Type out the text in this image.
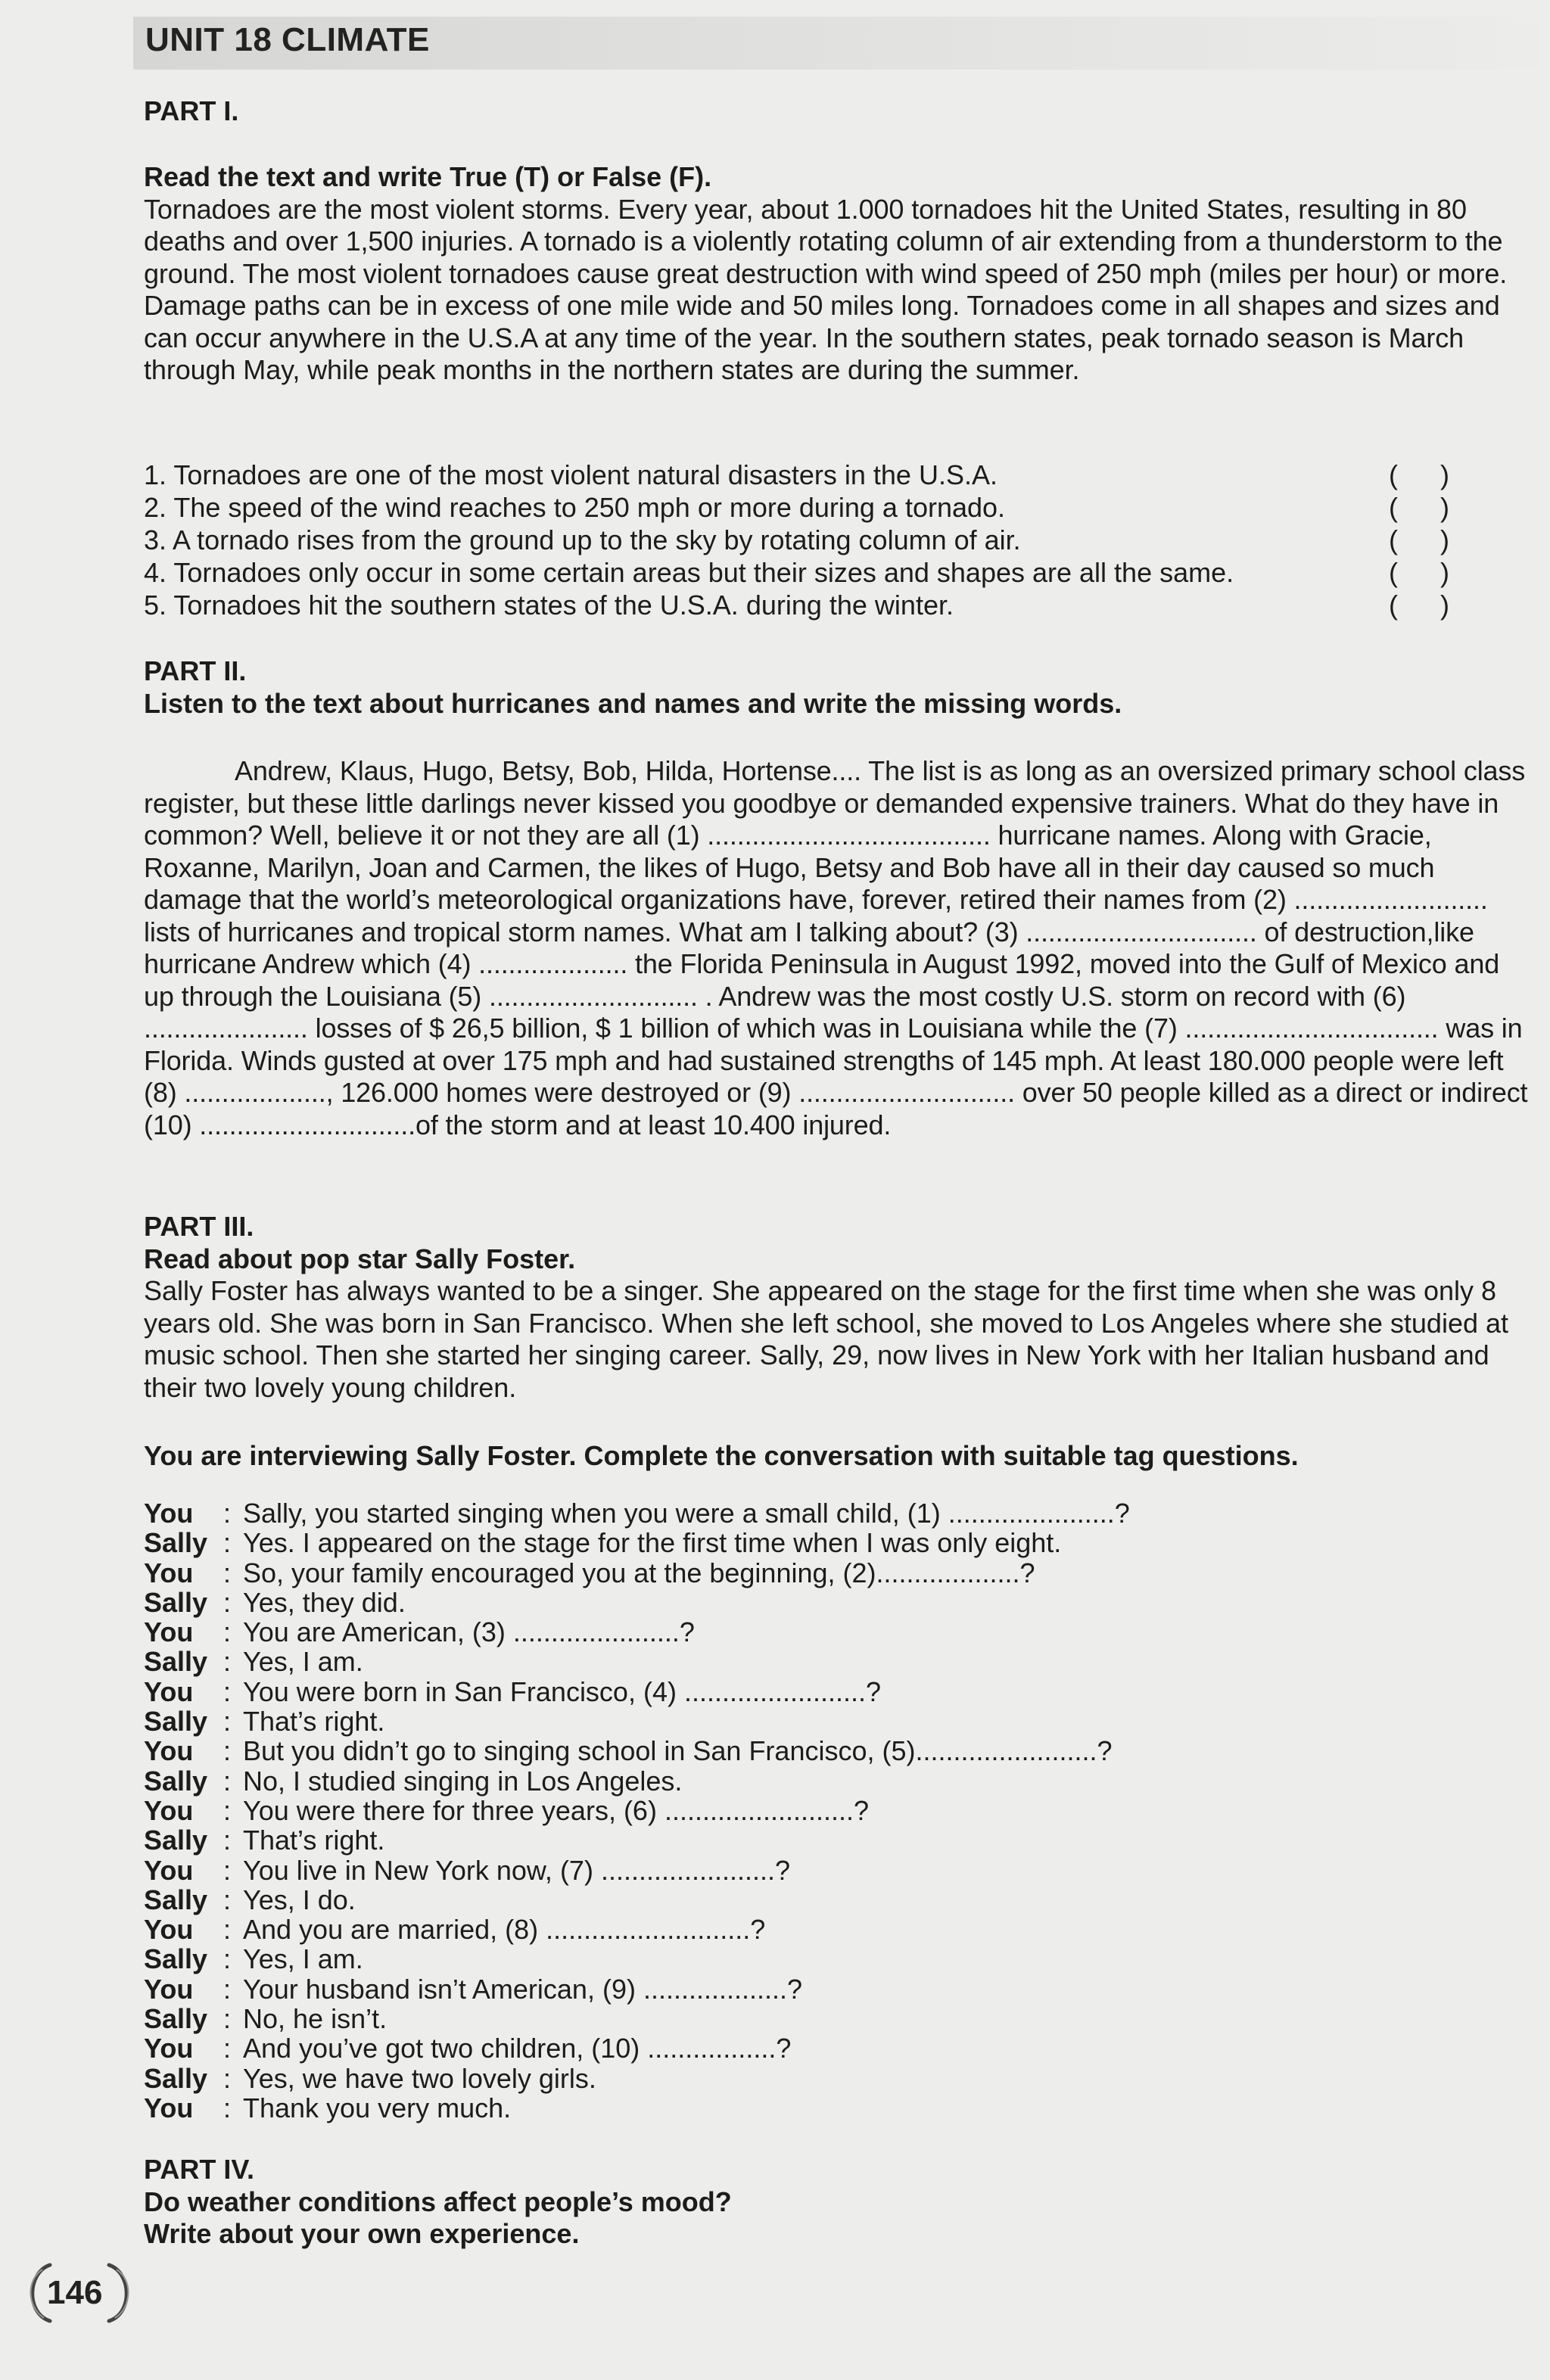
UNIT 18 CLIMATE
PART I.

Read the text and write True (T) or False (F).

Tornadoes are the most violent storms. Every year, about 1.000 tornadoes hit the United States, resulting in 80 deaths and over 1,500 injuries. A tornado is a violently rotating column of air extending from a thunderstorm to the ground. The most violent tornadoes cause great destruction with wind speed of 250 mph (miles per hour) or more. Damage paths can be in excess of one mile wide and 50 miles long. Tornadoes come in all shapes and sizes and can occur anywhere in the U.S.A at any time of the year. In the southern states, peak tornado season is March through May, while peak months in the northern states are during the summer.

1. Tornadoes are one of the most violent natural disasters in the U.S.A.	( )
2. The speed of the wind reaches to 250 mph or more during a tornado.	( )
3. A tornado rises from the ground up to the sky by rotating column of air.	( )
4. Tornadoes only occur in some certain areas but their sizes and shapes are all the same.	( )
5. Tornadoes hit the southern states of the U.S.A. during the winter.	( )

PART II.

Listen to the text about hurricanes and names and write the missing words.

Andrew, Klaus, Hugo, Betsy, Bob, Hilda, Hortense.... The list is as long as an oversized primary school class register, but these little darlings never kissed you goodbye or demanded expensive trainers. What do they have in common? Well, believe it or not they are all (1) ...................................... hurricane names. Along with Gracie, Roxanne, Marilyn, Joan and Carmen, the likes of Hugo, Betsy and Bob have all in their day caused so much damage that the world’s meteorological organizations have, forever, retired their names from (2) .......................... lists of hurricanes and tropical storm names. What am I talking about? (3) ............................... of destruction,like hurricane Andrew which (4) .................... the Florida Peninsula in August 1992, moved into the Gulf of Mexico and up through the Louisiana (5) ............................ . Andrew was the most costly U.S. storm on record with (6) ...................... losses of $ 26,5 billion, $ 1 billion of which was in Louisiana while the (7) .................................. was in Florida. Winds gusted at over 175 mph and had sustained strengths of 145 mph. At least 180.000 people were left (8) ..................., 126.000 homes were destroyed or (9) ............................. over 50 people killed as a direct or indirect (10) .............................of the storm and at least 10.400 injured.

PART III.

Read about pop star Sally Foster.

Sally Foster has always wanted to be a singer. She appeared on the stage for the first time when she was only 8 years old. She was born in San Francisco. When she left school, she moved to Los Angeles where she studied at music school. Then she started her singing career. Sally, 29, now lives in New York with her Italian husband and their two lovely young children.

You are interviewing Sally Foster. Complete the conversation with suitable tag questions.

You	: Sally, you started singing when you were a small child, (1) ......................?
Sally : Yes. I appeared on the stage for the first time when I was only eight.
You	: So, your family encouraged you at the beginning, (2)...................?
Sally : Yes, they did.
You	: You are American, (3) ......................?
Sally : Yes, I am.
You	: You were born in San Francisco, (4) ........................?
Sally : That’s right.
You	: But you didn’t go to singing school in San Francisco, (5)........................?
Sally : No, I studied singing in Los Angeles.
You	: You were there for three years, (6) .........................?
Sally : That’s right.
You	: You live in New York now, (7) .......................?
Sally : Yes, I do.
You	: And you are married, (8) ...........................?
Sally : Yes, I am.
You	: Your husband isn’t American, (9) ...................?
Sally : No, he isn’t.
You	: And you’ve got two children, (10) .................?
Sally : Yes, we have two lovely girls.
You	: Thank you very much.

PART IV.

Do weather conditions affect people’s mood?

Write about your own experience.

146
